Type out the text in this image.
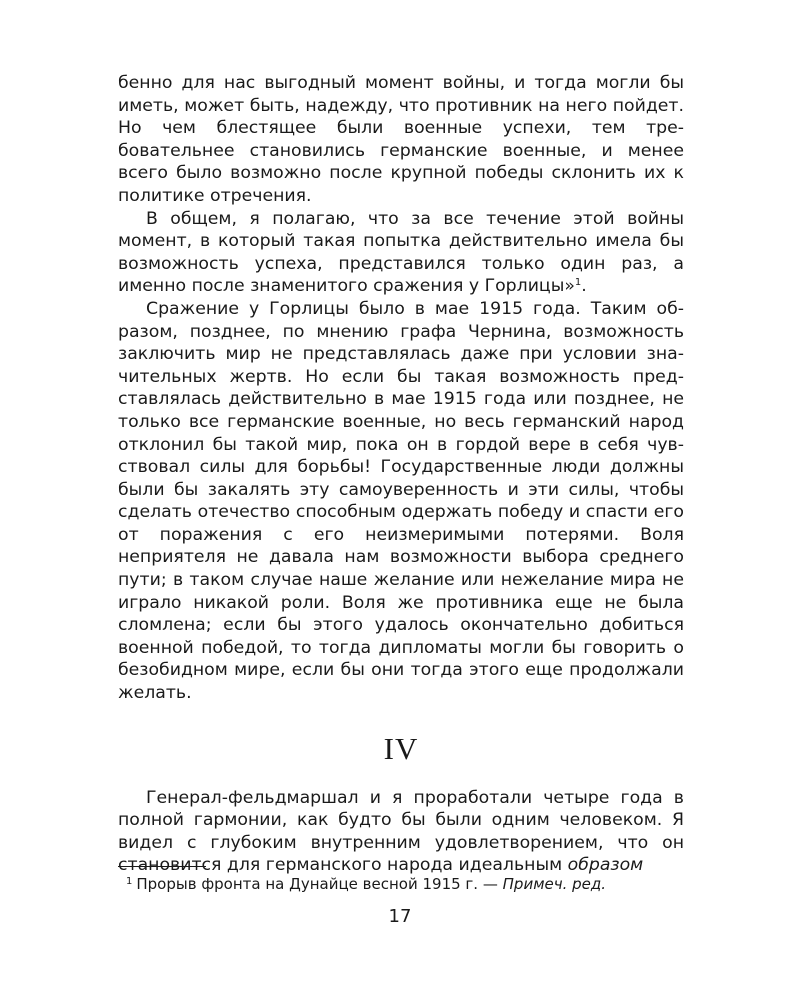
бенно для нас выгодный момент войны, и тогда могли бы иметь, может быть, надежду, что противник на него пойдет. Но чем блестящее были военные успехи, тем требовательнее становились германские военные, и менее всего было возможно после крупной победы склонить их к политике отречения.

В общем, я полагаю, что за все течение этой войны момент, в который такая попытка действительно имела бы возможность успеха, представился только один раз, а именно после знаменитого сражения у Горлицы»$^1$.

Сражение у Горлицы было в мае 1915 года. Таким образом, позднее, по мнению графа Чернина, возможность заключить мир не представлялась даже при условии значительных жертв. Но если бы такая возможность представлялась действительно в мае 1915 года или позднее, не только все германские военные, но весь германский народ отклонил бы такой мир, пока он в гордой вере в себя чувствовал силы для борьбы! Государственные люди должны были бы закалять эту самоуверенность и эти силы, чтобы сделать отечество способным одержать победу и спасти его от поражения с его неизмеримыми потерями. Воля неприятеля не давала нам возможности выбора среднего пути; в таком случае наше желание или нежелание мира не играло никакой роли. Воля же противника еще не была сломлена; если бы этого удалось окончательно добиться военной победой, то тогда дипломаты могли бы говорить о безобидном мире, если бы они тогда этого еще продолжали желать.

IV

Генерал-фельдмаршал и я проработали четыре года в полной гармонии, как будто бы были одним человеком. Я видел с глубоким внутренним удовлетворением, что он становится для германского народа идеальным образом

$^1$ Прорыв фронта на Дунайце весной 1915 г. — Примеч. ред.
17
